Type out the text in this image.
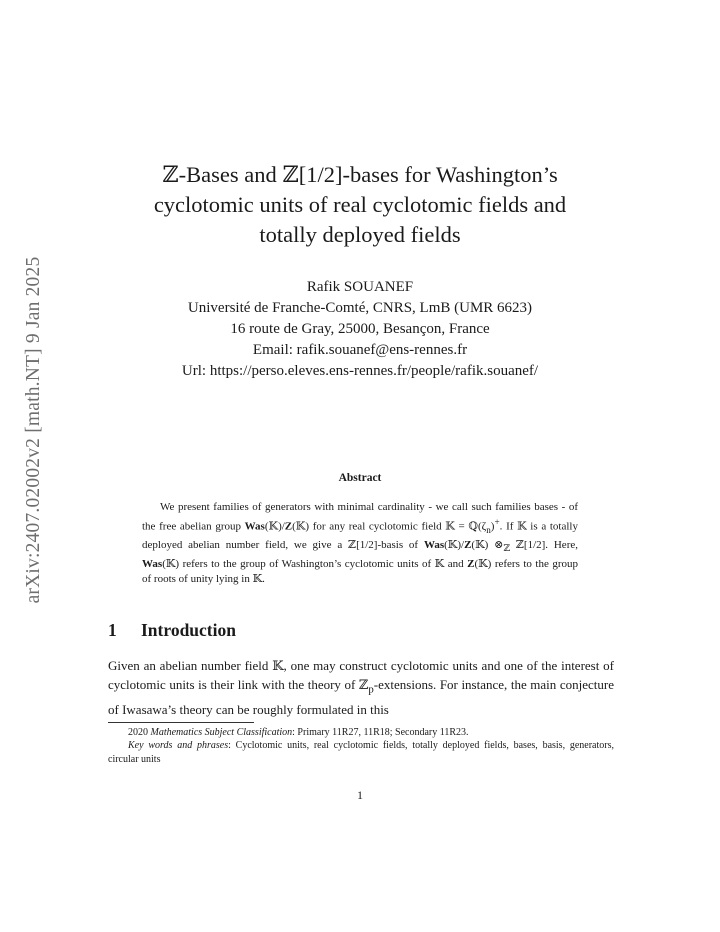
arXiv:2407.02002v2 [math.NT] 9 Jan 2025
ℤ-Bases and ℤ[1/2]-bases for Washington’s
cyclotomic units of real cyclotomic fields and
totally deployed fields
Rafik SOUANEF
Université de Franche-Comté, CNRS, LmB (UMR 6623)
16 route de Gray, 25000, Besançon, France
Email: rafik.souanef@ens-rennes.fr
Url: https://perso.eleves.ens-rennes.fr/people/rafik.souanef/
Abstract

We present families of generators with minimal cardinality - we call such families bases - of the free abelian group Was(𝕂)/Z(𝕂) for any real cyclotomic field 𝕂 = $ℚ(\zeta_n)^+$. If 𝕂 is a totally deployed abelian number field, we give a ℤ[1/2]-basis of Was(𝕂)/Z(𝕂) $\otimes_ℤ$ ℤ[1/2]. Here, Was(𝕂) refers to the group of Washington’s cyclotomic units of 𝕂 and Z(𝕂) refers to the group of roots of unity lying in 𝕂.

1 Introduction

Given an abelian number field 𝕂, one may construct cyclotomic units and one of the interest of cyclotomic units is their link with the theory of ℤ$_p$-extensions. For instance, the main conjecture of Iwasawa’s theory can be roughly formulated in this

2020 Mathematics Subject Classification: Primary 11R27, 11R18; Secondary 11R23.

Key words and phrases: Cyclotomic units, real cyclotomic fields, totally deployed fields, bases, basis, generators, circular units

1
